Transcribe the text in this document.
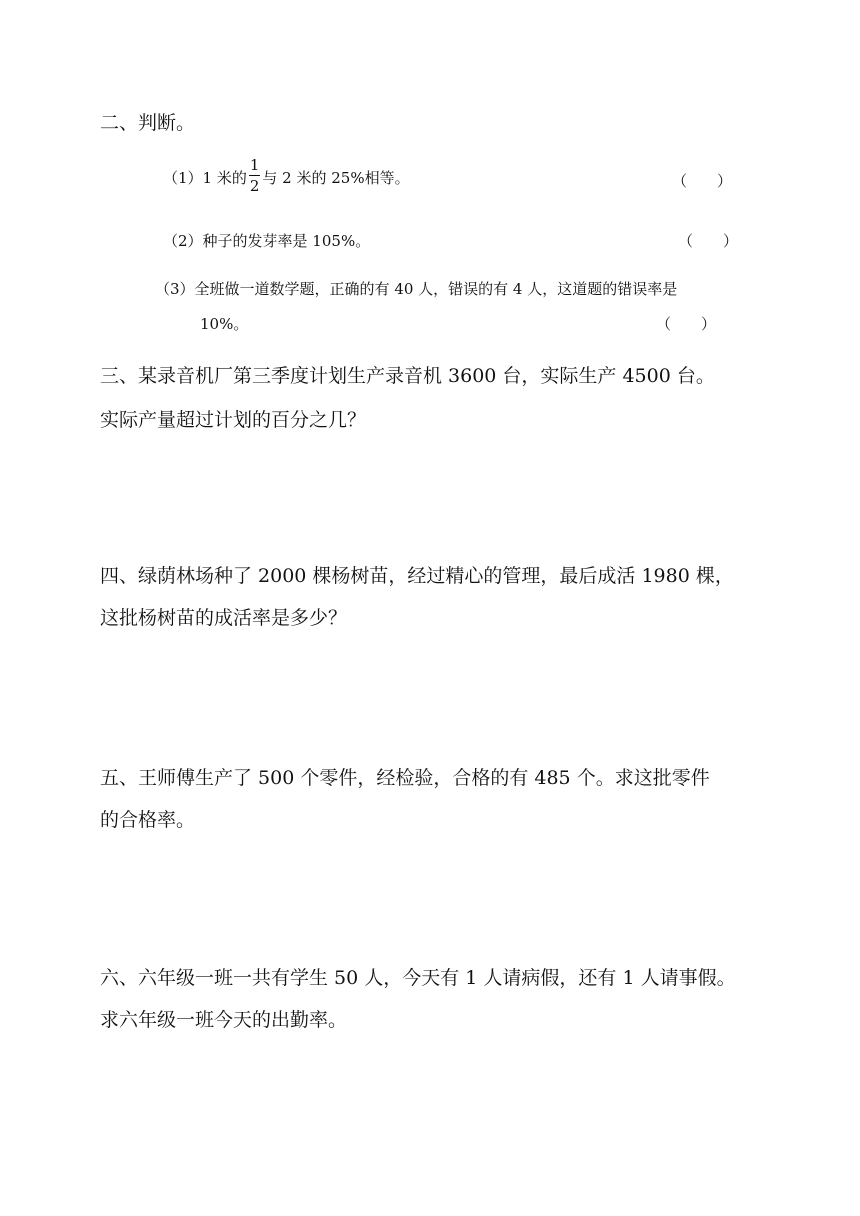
二、判断。
（1）1 米的 $\frac{1}{2}$ 与 2 米的 25%相等。	（　　）
（2）种子的发芽率是 105%。	（　　）
（3）全班做一道数学题，正确的有 40 人，错误的有 4 人，这道题的错误率是
10%。	（　　）
三、某录音机厂第三季度计划生产录音机 3600 台，实际生产 4500 台。
实际产量超过计划的百分之几？
四、绿荫林场种了 2000 棵杨树苗，经过精心的管理，最后成活 1980 棵，
这批杨树苗的成活率是多少？
五、王师傅生产了 500 个零件，经检验，合格的有 485 个。求这批零件
的合格率。
六、六年级一班一共有学生 50 人，今天有 1 人请病假，还有 1 人请事假。
求六年级一班今天的出勤率。
